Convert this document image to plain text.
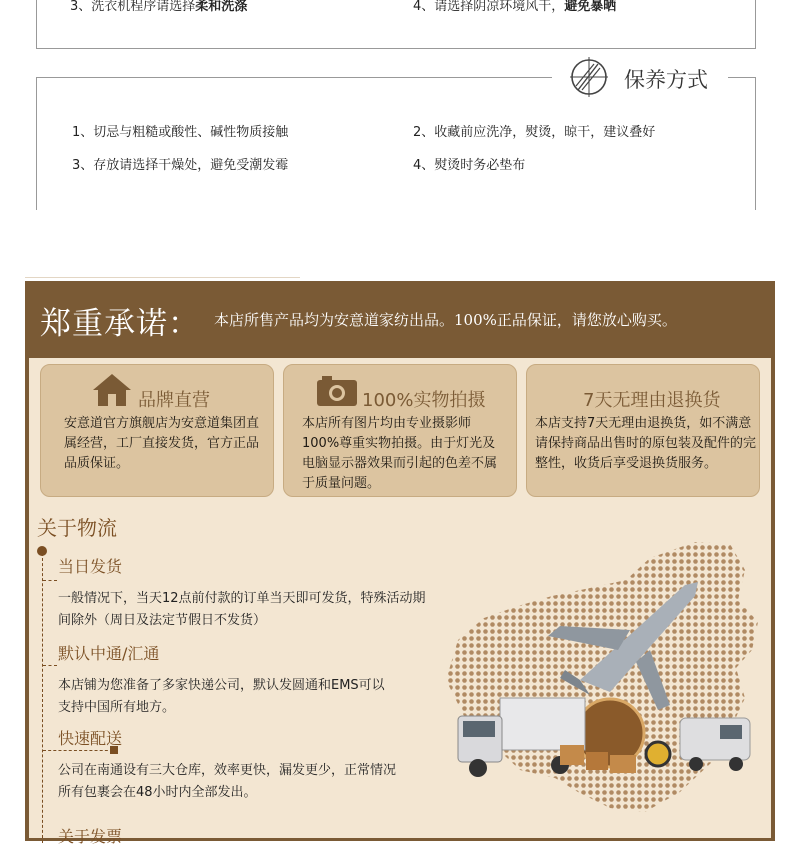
3、洗衣机程序请选择柔和洗涤	4、请选择阴凉环境风干，避免暴晒
保养方式
1、切忌与粗糙或酸性、碱性物质接触	2、收藏前应洗净，熨烫，晾干，建议叠好
3、存放请选择干燥处，避免受潮发霉	4、熨烫时务必垫布
郑重承诺： 本店所售产品均为安意道家纺出品。100%正品保证，请您放心购买。
品牌直营
安意道官方旗舰店为安意道集团直属经营，工厂直接发货，官方正品品质保证。
100%实物拍摄
本店所有图片均由专业摄影师100%尊重实物拍摄。由于灯光及电脑显示器效果而引起的色差不属于质量问题。
7天无理由退换货
本店支持7天无理由退换货，如不满意请保持商品出售时的原包装及配件的完整性，收货后享受退换货服务。
关于物流
当日发货
一般情况下，当天12点前付款的订单当天即可发货，特殊活动期
间除外（周日及法定节假日不发货）
默认中通/汇通
本店铺为您准备了多家快递公司，默认发圆通和EMS可以
支持中国所有地方。
快速配送
公司在南通设有三大仓库，效率更快，漏发更少，正常情况
所有包裹会在48小时内全部发出。
关于发票
